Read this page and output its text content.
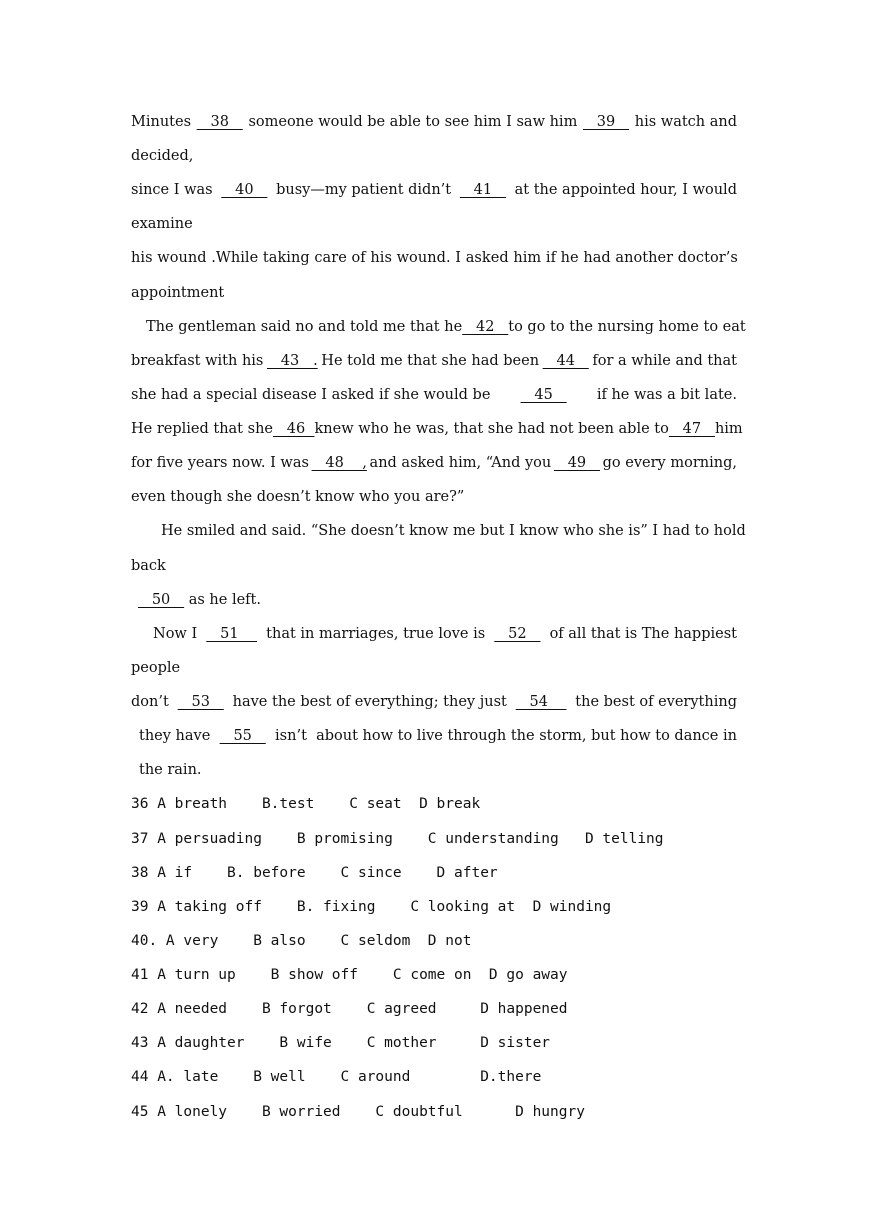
Minutes 38 someone would be able to see him I saw him 39 his watch and
decided,
since I was 40 busy—my patient didn’t 41 at the appointed hour, I would
examine
his wound .While taking care of his wound. I asked him if he had another doctor’s
appointment
The gentleman said no and told me that he 42 to go to the nursing home to eat
breakfast with his 43   . He told me that she had been 44 for a while and that
she had a special disease I asked if she would be 45 if he was a bit late.
He replied that she 46 knew who he was, that she had not been able to 47 him
for five years now. I was 48    , and asked him, “And you 49 go every morning,
even though she doesn’t know who you are?”
He smiled and said. “She doesn’t know me but I know who she is” I had to hold
back
50    as he left.
Now I 51 that in marriages, true love is 52 of all that is The happiest
people
don’t 53 have the best of everything; they just 54 the best of everything
they have 55 isn’t  about how to live through the storm, but how to dance in
the rain.
36 A breath    B.test    C seat  D break
37 A persuading    B promising    C understanding   D telling
38 A if    B. before    C since    D after
39 A taking off    B. fixing    C looking at  D winding
40. A very    B also    C seldom  D not
41 A turn up    B show off    C come on  D go away
42 A needed    B forgot    C agreed     D happened
43 A daughter    B wife    C mother     D sister
44 A. late    B well    C around        D.there
45 A lonely    B worried    C doubtful      D hungry
